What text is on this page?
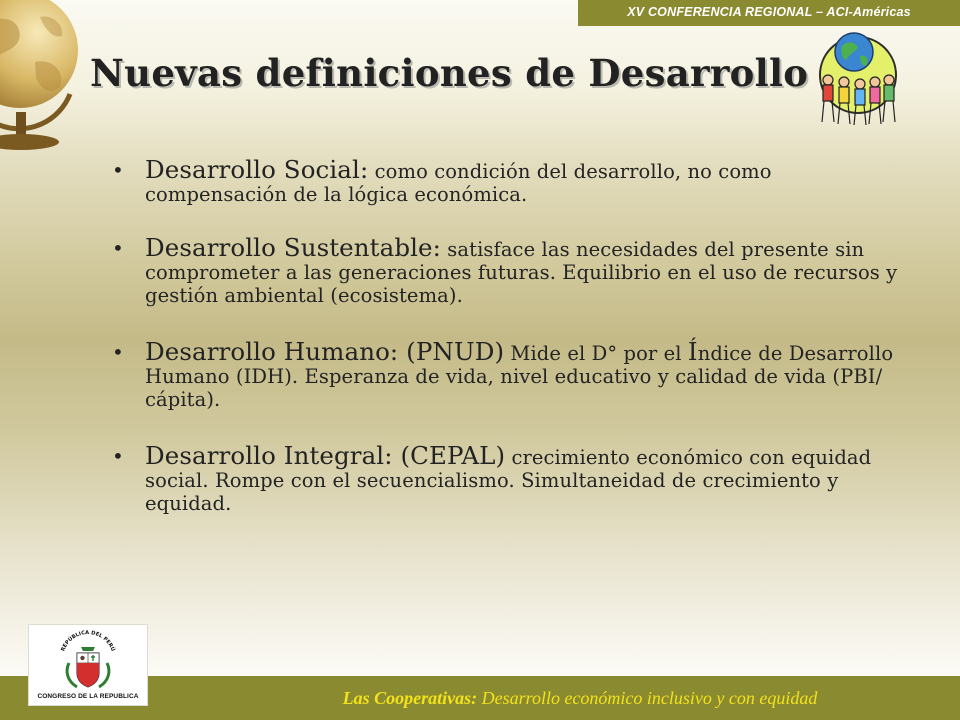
XV CONFERENCIA REGIONAL – ACI-Américas
Nuevas definiciones de Desarrollo
• Desarrollo Social: como condición del desarrollo, no como compensación de la lógica económica.
• Desarrollo Sustentable: satisface las necesidades del presente sin comprometer a las generaciones futuras. Equilibrio en el uso de recursos y gestión ambiental (ecosistema).
• Desarrollo Humano: (PNUD) Mide el D° por el Índice de Desarrollo Humano (IDH). Esperanza de vida, nivel educativo y calidad de vida (PBI/ cápita).
• Desarrollo Integral: (CEPAL) crecimiento económico con equidad social. Rompe con el secuencialismo. Simultaneidad de crecimiento y equidad.
Las Cooperativas: Desarrollo económico inclusivo y con equidad
REPÚBLICA DEL PERÚ
CONGRESO DE LA REPUBLICA
